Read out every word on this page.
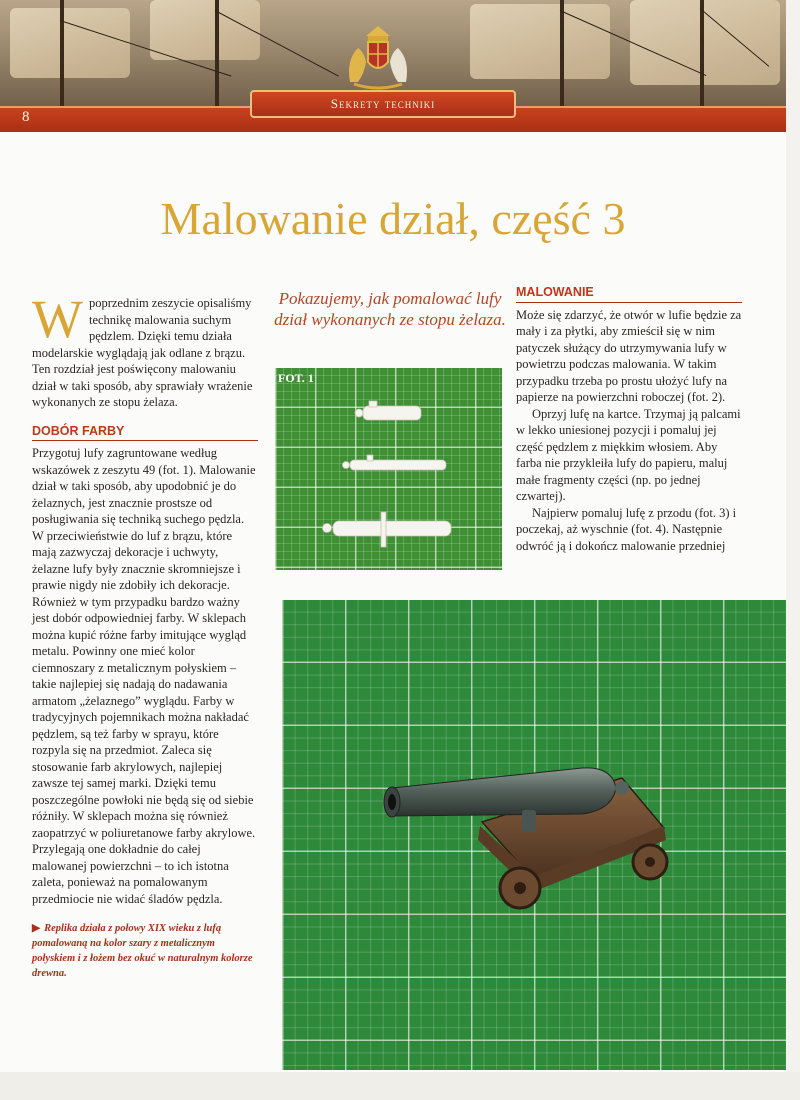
8
Sekrety techniki
Malowanie dział, część 3

Wpoprzednim zeszycie opisaliśmy technikę malowania suchym pędzlem. Dzięki temu działa modelarskie wyglądają jak odlane z brązu. Ten rozdział jest poświęcony malowaniu dział w taki sposób, aby sprawiały wrażenie wykonanych ze stopu żelaza.

DOBÓR FARBY

Przygotuj lufy zagruntowane według wskazówek z zeszytu 49 (fot. 1). Malowanie dział w taki sposób, aby upodobnić je do żelaznych, jest znacznie prostsze od posługiwania się techniką suchego pędzla. W przeciwieństwie do luf z brązu, które mają zazwyczaj dekoracje i uchwyty, żelazne lufy były znacznie skromniejsze i prawie nigdy nie zdobiły ich dekoracje. Również w tym przypadku bardzo ważny jest dobór odpowiedniej farby. W sklepach można kupić różne farby imitujące wygląd metalu. Powinny one mieć kolor ciemnoszary z metalicznym połyskiem – takie najlepiej się nadają do nadawania armatom „żelaznego” wyglądu. Farby w tradycyjnych pojemnikach można nakładać pędzlem, są też farby w sprayu, które rozpyla się na przedmiot. Zaleca się stosowanie farb akrylowych, najlepiej zawsze tej samej marki. Dzięki temu poszczególne powłoki nie będą się od siebie różniły. W sklepach można się również zaopatrzyć w poliuretanowe farby akrylowe. Przylegają one dokładnie do całej malowanej powierzchni – to ich istotna zaleta, ponieważ na pomalowanym przedmiocie nie widać śladów pędzla.

▶ Replika działa z połowy XIX wieku z lufą pomalowaną na kolor szary z metalicznym połyskiem i z łożem bez okuć w naturalnym kolorze drewna.
Pokazujemy, jak pomalować lufy dział wykonanych ze stopu żelaza.
FOT. 1
MALOWANIE

Może się zdarzyć, że otwór w lufie będzie za mały i za płytki, aby zmieścił się w nim patyczek służący do utrzymywania lufy w powietrzu podczas malowania. W takim przypadku trzeba po prostu ułożyć lufy na papierze na powierzchni roboczej (fot. 2).

Oprzyj lufę na kartce. Trzymaj ją palcami w lekko uniesionej pozycji i pomaluj jej część pędzlem z miękkim włosiem. Aby farba nie przykleiła lufy do papieru, maluj małe fragmenty części (np. po jednej czwartej).

Najpierw pomaluj lufę z przodu (fot. 3) i poczekaj, aż wyschnie (fot. 4). Następnie odwróć ją i dokończ malowanie przedniej
